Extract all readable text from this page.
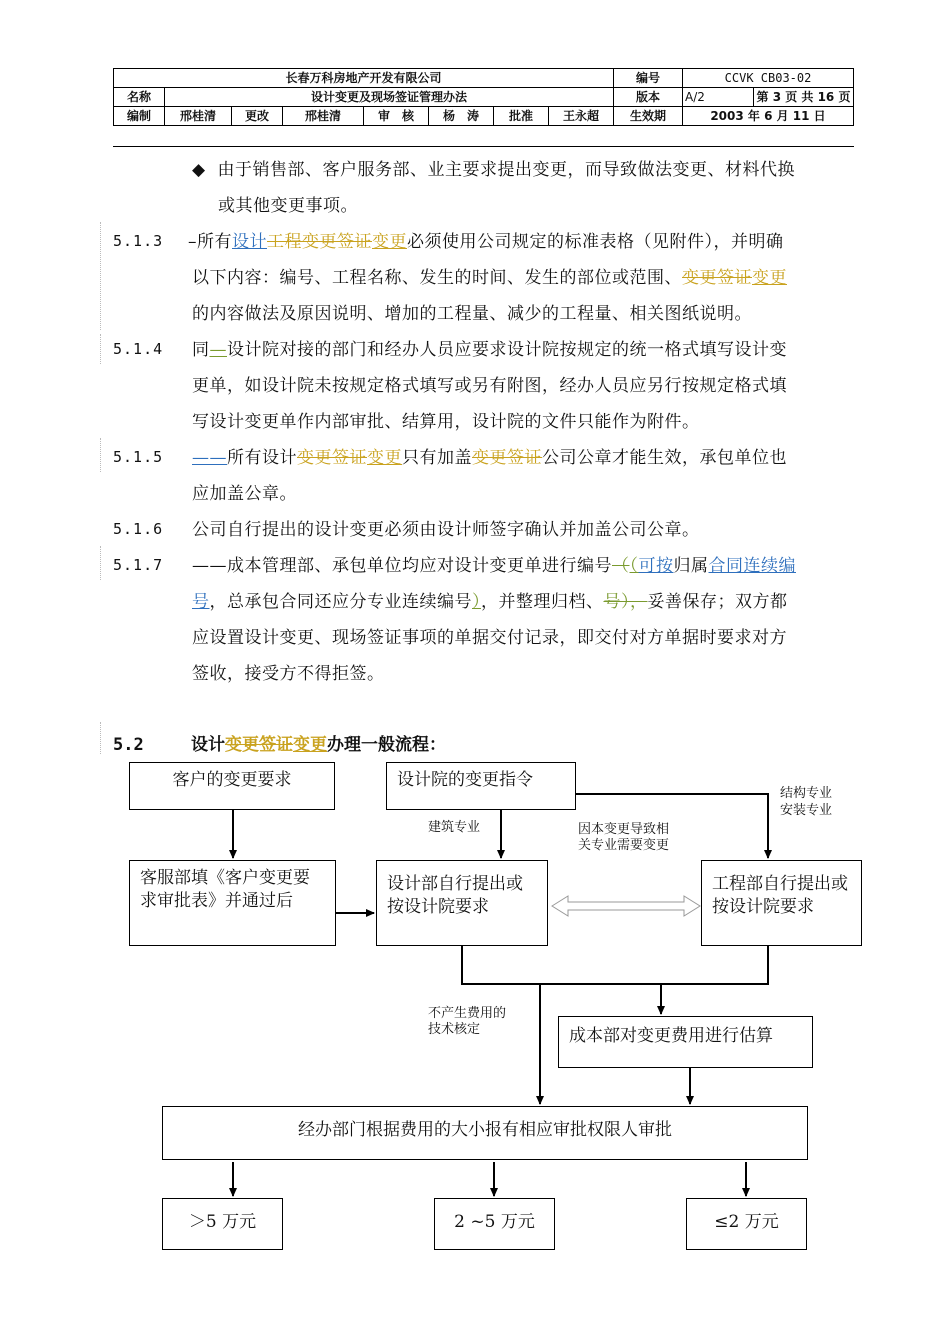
长春万科房地产开发有限公司								编号	CCVK CB03-02	
名称	设计变更及现场签证管理办法							版本	A/2	第 3 页 共 16 页
编制	邢桂清	更改	邢桂清	审　核	杨　涛	批准	王永超	生效期	2003 年 6 月 11 日	
◆ 由于销售部、客户服务部、业主要求提出变更，而导致做法变更、材料代换
或其他变更事项。
5.1.3 –所有设计工程变更签证变更必须使用公司规定的标准表格（见附件），并明确
以下内容：编号、工程名称、发生的时间、发生的部位或范围、变更签证变更
的内容做法及原因说明、增加的工程量、减少的工程量、相关图纸说明。
5.1.4 同—设计院对接的部门和经办人员应要求设计院按规定的统一格式填写设计变
更单，如设计院未按规定格式填写或另有附图，经办人员应另行按规定格式填
写设计变更单作内部审批、结算用，设计院的文件只能作为附件。
5.1.5 ——所有设计变更签证变更只有加盖变更签证公司公章才能生效，承包单位也
应加盖公章。
5.1.6 公司自行提出的设计变更必须由设计师签字确认并加盖公司公章。
5.1.7 ——成本管理部、承包单位均应对设计变更单进行编号（（可按归属合同连续编
号，总承包合同还应分专业连续编号），并整理归档、号），妥善保存；双方都
应设置设计变更、现场签证事项的单据交付记录，即交付对方单据时要求对方
签收，接受方不得拒签。
5.2	设计变更签证变更办理一般流程：
客户的变更要求	设计院的变更指令
客服部填《客户变更要求审批表》并通过后
设计部自行提出或按设计院要求
工程部自行提出或按设计院要求
成本部对变更费用进行估算
经办部门根据费用的大小报有相应审批权限人审批
＞5 万元	2 ~5 万元	≤2 万元
建筑专业
结构专业
安装专业
因本变更导致相关专业需要变更
不产生费用的技术核定
